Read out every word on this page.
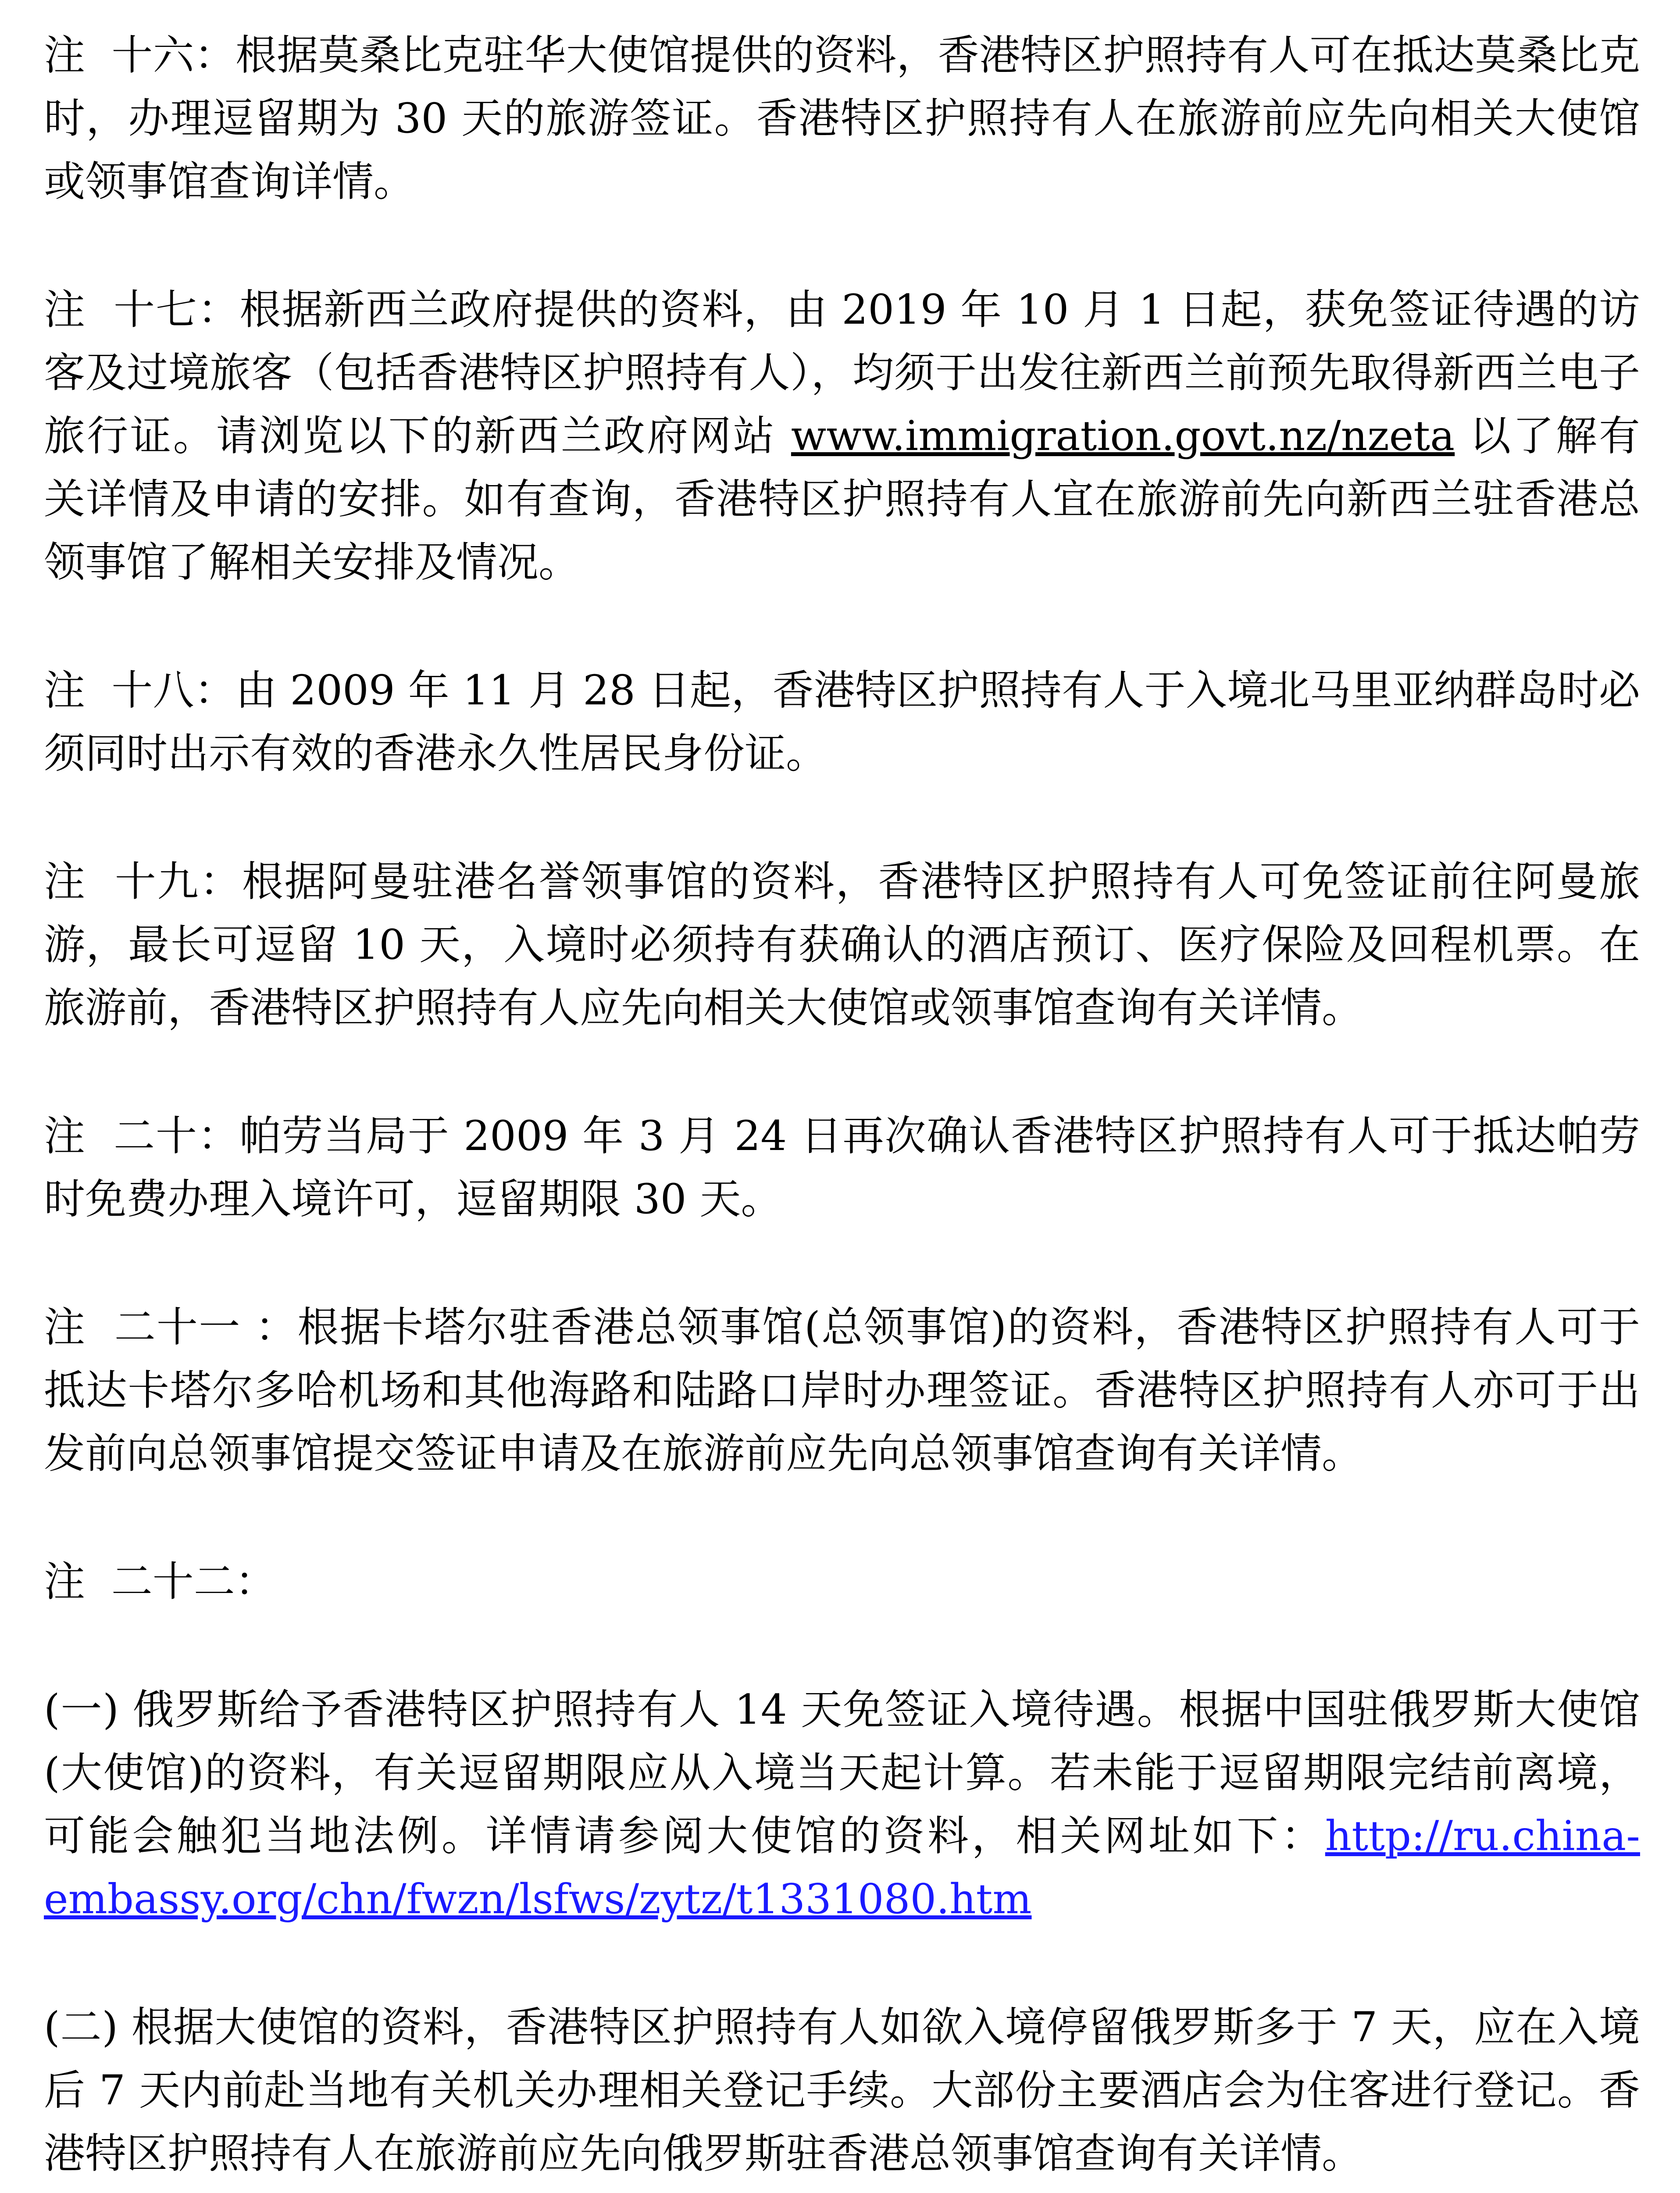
注  十六：根据莫桑比克驻华大使馆提供的资料，香港特区护照持有人可在抵达莫桑比克时，办理逗留期为 30 天的旅游签证。香港特区护照持有人在旅游前应先向相关大使馆或领事馆查询详情。

注  十七：根据新西兰政府提供的资料，由 2019 年 10 月 1 日起，获免签证待遇的访客及过境旅客（包括香港特区护照持有人），均须于出发往新西兰前预先取得新西兰电子旅行证。请浏览以下的新西兰政府网站 www.immigration.govt.nz/nzeta 以了解有关详情及申请的安排。如有查询，香港特区护照持有人宜在旅游前先向新西兰驻香港总领事馆了解相关安排及情况。

注  十八：由 2009 年 11 月 28 日起，香港特区护照持有人于入境北马里亚纳群岛时必须同时出示有效的香港永久性居民身份证。

注  十九：根据阿曼驻港名誉领事馆的资料，香港特区护照持有人可免签证前往阿曼旅游，最长可逗留 10 天，入境时必须持有获确认的酒店预订、医疗保险及回程机票。在旅游前，香港特区护照持有人应先向相关大使馆或领事馆查询有关详情。

注  二十：帕劳当局于 2009 年 3 月 24 日再次确认香港特区护照持有人可于抵达帕劳时免费办理入境许可，逗留期限 30 天。

注  二十一 ：根据卡塔尔驻香港总领事馆(总领事馆)的资料，香港特区护照持有人可于抵达卡塔尔多哈机场和其他海路和陆路口岸时办理签证。香港特区护照持有人亦可于出发前向总领事馆提交签证申请及在旅游前应先向总领事馆查询有关详情。

注  二十二：

(一) 俄罗斯给予香港特区护照持有人 14 天免签证入境待遇。根据中国驻俄罗斯大使馆(大使馆)的资料，有关逗留期限应从入境当天起计算。若未能于逗留期限完结前离境，可能会触犯当地法例。详情请参阅大使馆的资料，相关网址如下：http://ru.china-embassy.org/chn/fwzn/lsfws/zytz/t1331080.htm

(二) 根据大使馆的资料，香港特区护照持有人如欲入境停留俄罗斯多于 7 天，应在入境后 7 天内前赴当地有关机关办理相关登记手续。大部份主要酒店会为住客进行登记。香港特区护照持有人在旅游前应先向俄罗斯驻香港总领事馆查询有关详情。
